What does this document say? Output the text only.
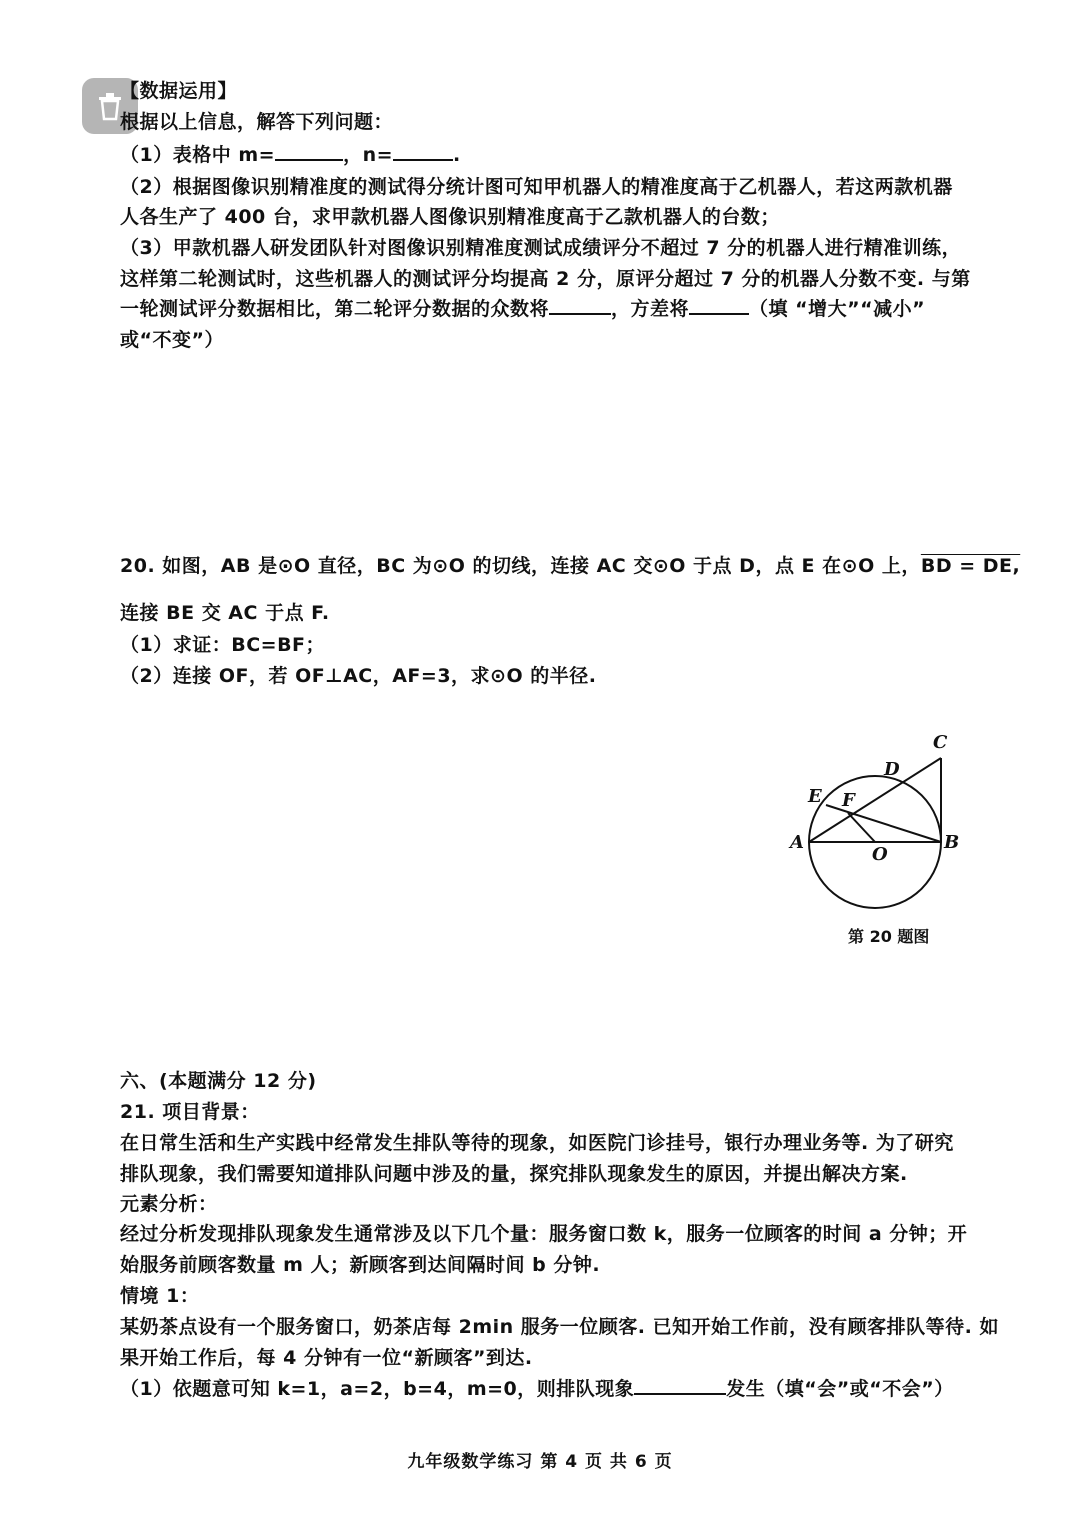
【数据运用】
根据以上信息，解答下列问题：
（1）表格中 m=	，n=	.
（2）根据图像识别精准度的测试得分统计图可知甲机器人的精准度高于乙机器人，若这两款机器
人各生产了 400 台，求甲款机器人图像识别精准度高于乙款机器人的台数；
（3）甲款机器人研发团队针对图像识别精准度测试成绩评分不超过 7 分的机器人进行精准训练，
这样第二轮测试时，这些机器人的测试评分均提高 2 分，原评分超过 7 分的机器人分数不变. 与第
一轮测试评分数据相比，第二轮评分数据的众数将	，方差将	（填 “增大”“减小”
或“不变”）
20. 如图，AB 是⊙O 直径，BC 为⊙O 的切线，连接 AC 交⊙O 于点 D，点 E 在⊙O 上，BD = DE,
连接 BE 交 AC 于点 F.
（1）求证：BC=BF；
（2）连接 OF，若 OF⊥AC，AF=3，求⊙O 的半径.
C
D
E F
A	B
O
第 20 题图
六、(本题满分 12 分)
21. 项目背景：
在日常生活和生产实践中经常发生排队等待的现象，如医院门诊挂号，银行办理业务等. 为了研究
排队现象，我们需要知道排队问题中涉及的量，探究排队现象发生的原因，并提出解决方案.
元素分析：
经过分析发现排队现象发生通常涉及以下几个量：服务窗口数 k，服务一位顾客的时间 a 分钟；开
始服务前顾客数量 m 人；新顾客到达间隔时间 b 分钟.
情境 1：
某奶茶点设有一个服务窗口，奶茶店每 2min 服务一位顾客. 已知开始工作前，没有顾客排队等待. 如
果开始工作后，每 4 分钟有一位“新顾客”到达.
（1）依题意可知 k=1，a=2，b=4，m=0，则排队现象	发生（填“会”或“不会”）
九年级数学练习 第 4 页 共 6 页
